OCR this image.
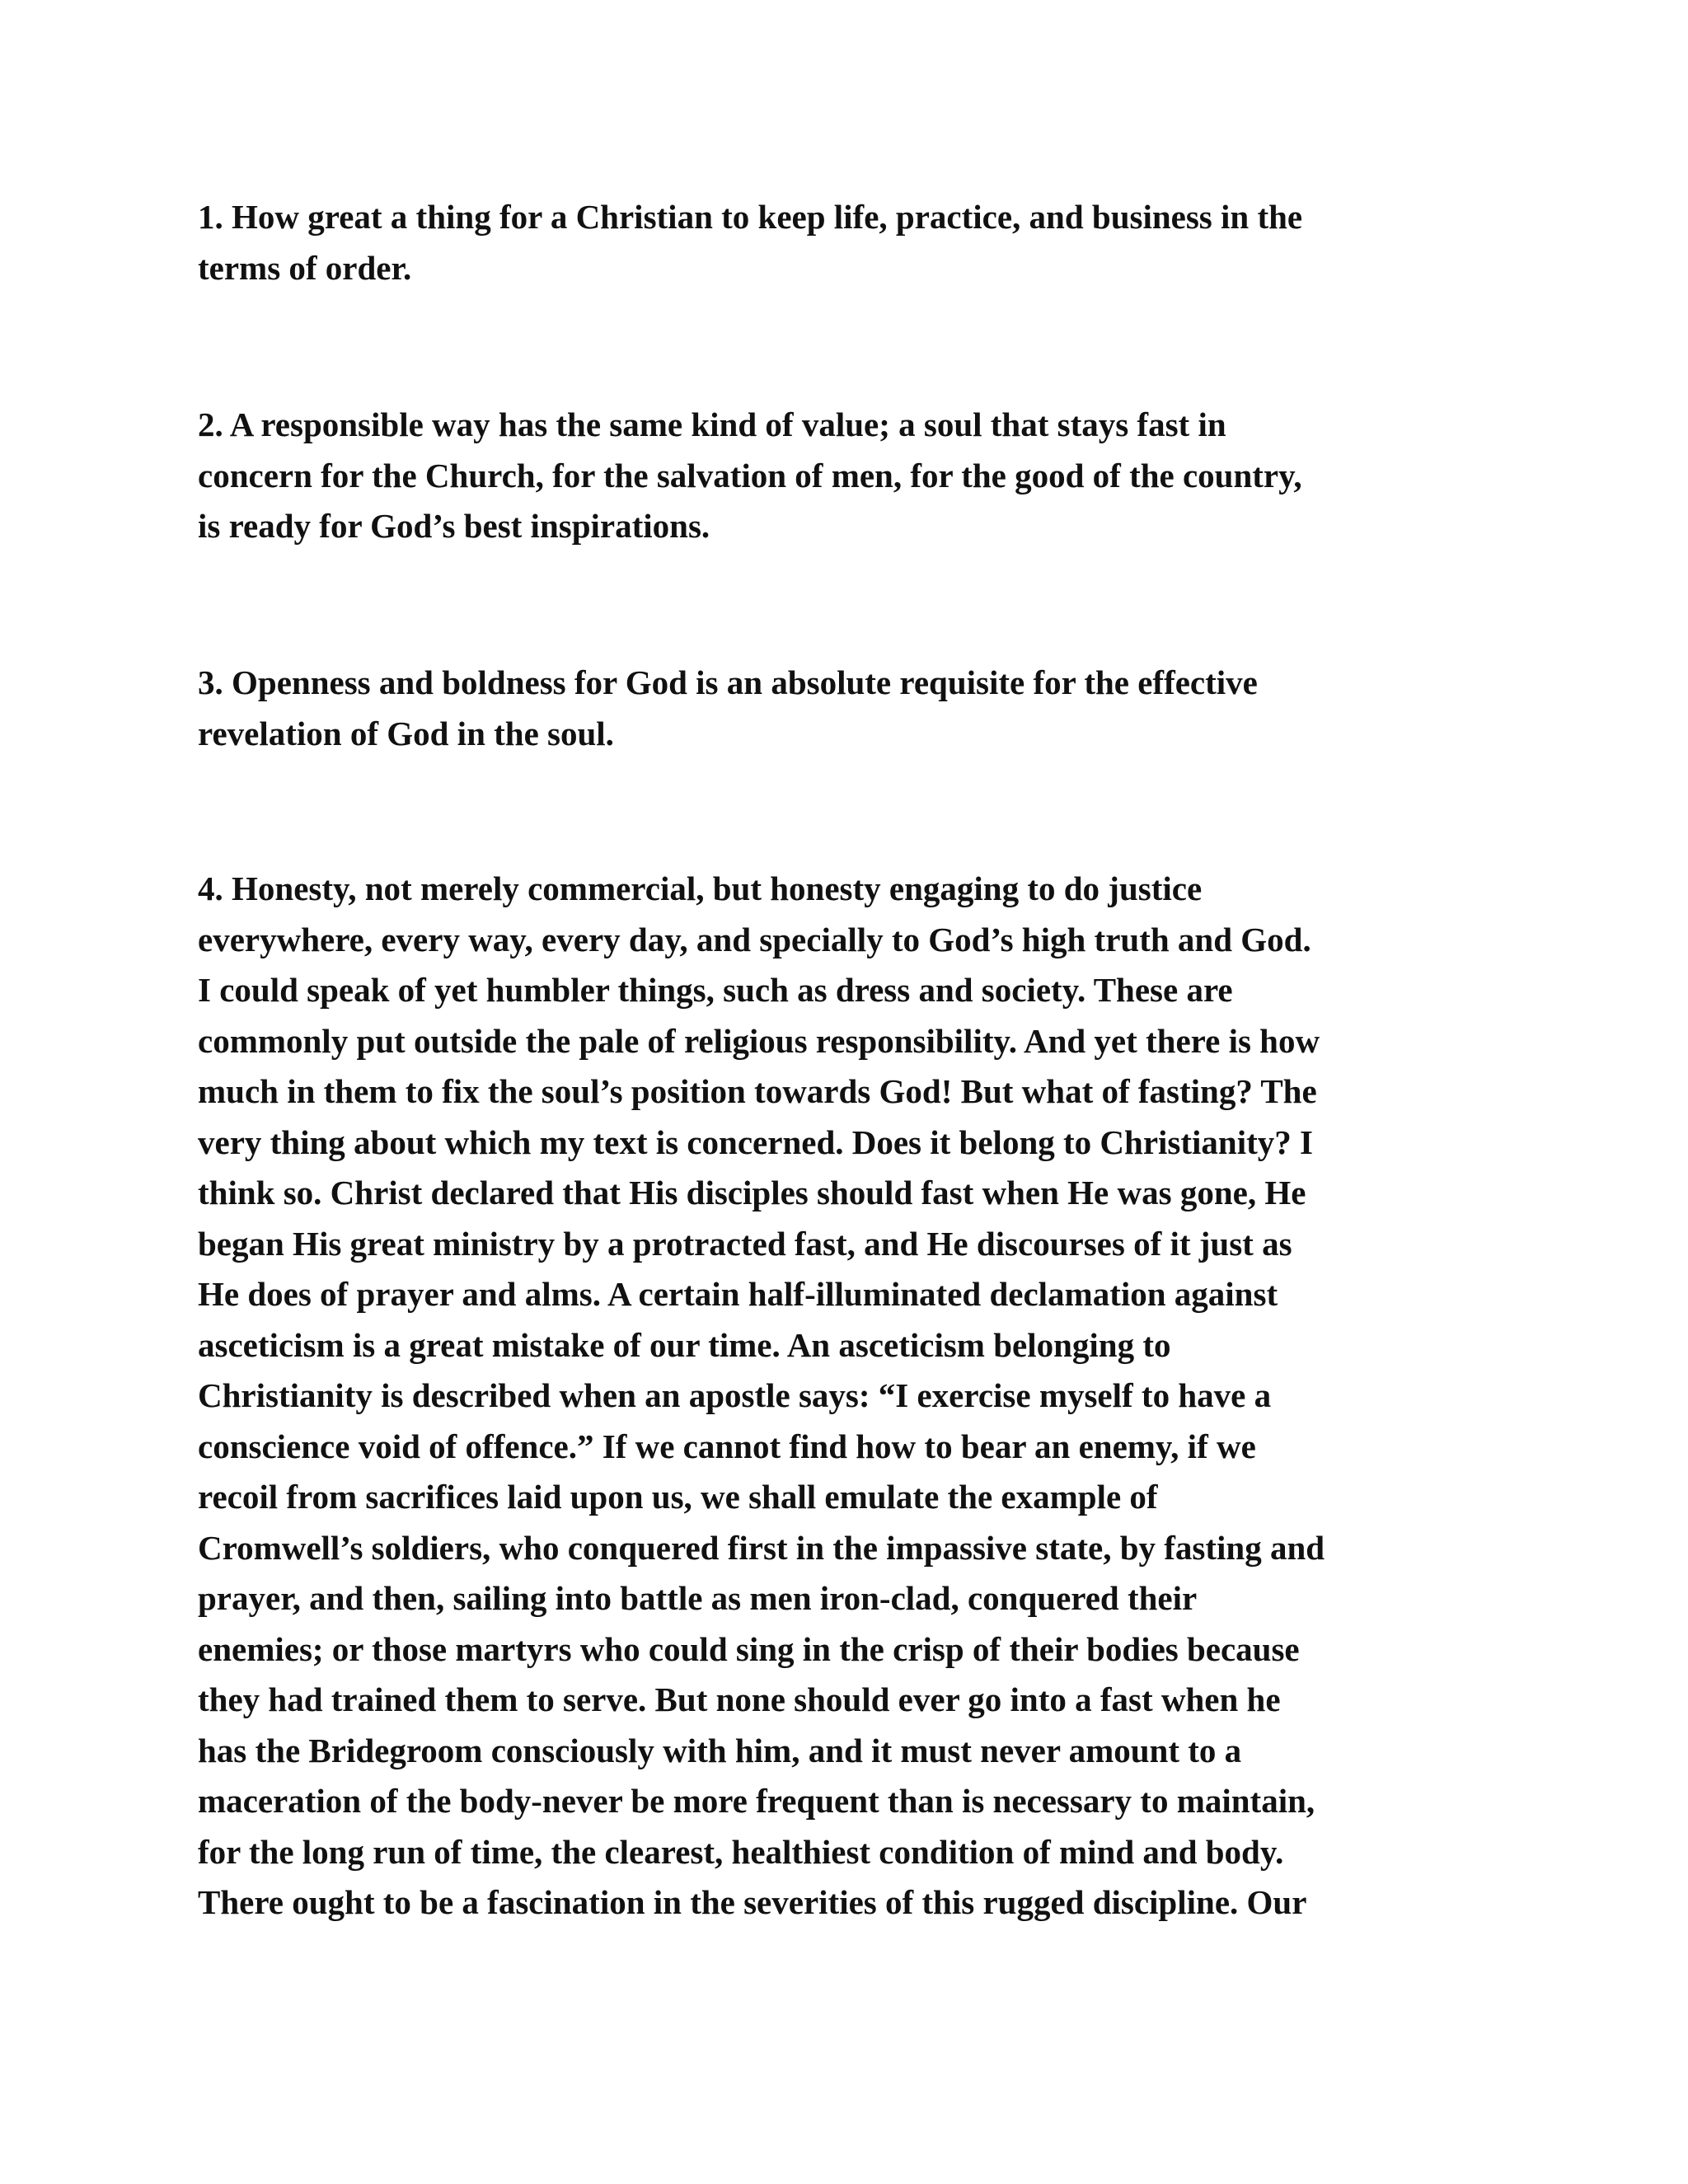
1. How great a thing for a Christian to keep life, practice, and business in the
terms of order.

2. A responsible way has the same kind of value; a soul that stays fast in
concern for the Church, for the salvation of men, for the good of the country,
is ready for God’s best inspirations.

3. Openness and boldness for God is an absolute requisite for the effective
revelation of God in the soul.

4. Honesty, not merely commercial, but honesty engaging to do justice
everywhere, every way, every day, and specially to God’s high truth and God.
I could speak of yet humbler things, such as dress and society. These are
commonly put outside the pale of religious responsibility. And yet there is how
much in them to fix the soul’s position towards God! But what of fasting? The
very thing about which my text is concerned. Does it belong to Christianity? I
think so. Christ declared that His disciples should fast when He was gone, He
began His great ministry by a protracted fast, and He discourses of it just as
He does of prayer and alms. A certain half-illuminated declamation against
asceticism is a great mistake of our time. An asceticism belonging to
Christianity is described when an apostle says: “I exercise myself to have a
conscience void of offence.” If we cannot find how to bear an enemy, if we
recoil from sacrifices laid upon us, we shall emulate the example of
Cromwell’s soldiers, who conquered first in the impassive state, by fasting and
prayer, and then, sailing into battle as men iron-clad, conquered their
enemies; or those martyrs who could sing in the crisp of their bodies because
they had trained them to serve. But none should ever go into a fast when he
has the Bridegroom consciously with him, and it must never amount to a
maceration of the body-never be more frequent than is necessary to maintain,
for the long run of time, the clearest, healthiest condition of mind and body.
There ought to be a fascination in the severities of this rugged discipline. Our
